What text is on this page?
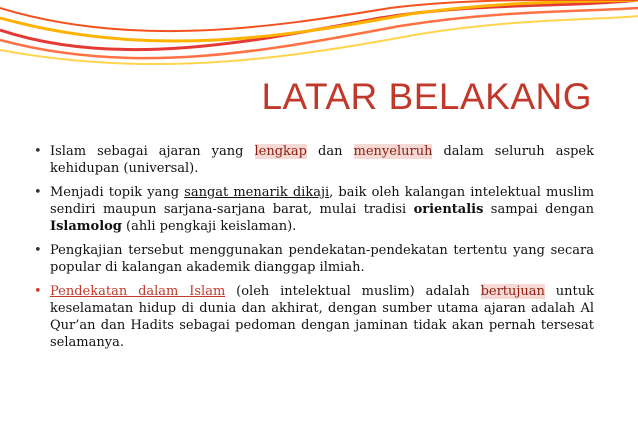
LATAR BELAKANG
• Islam sebagai ajaran yang lengkap dan menyeluruh dalam seluruh aspek kehidupan (universal).
• Menjadi topik yang sangat menarik dikaji, baik oleh kalangan intelektual muslim sendiri maupun sarjana-sarjana barat, mulai tradisi orientalis sampai dengan Islamolog (ahli pengkaji keislaman).
• Pengkajian tersebut menggunakan pendekatan-pendekatan tertentu yang secara popular di kalangan akademik dianggap ilmiah.
• Pendekatan dalam Islam (oleh intelektual muslim) adalah bertujuan untuk keselamatan hidup di dunia dan akhirat, dengan sumber utama ajaran adalah Al Qur’an dan Hadits sebagai pedoman dengan jaminan tidak akan pernah tersesat selamanya.
